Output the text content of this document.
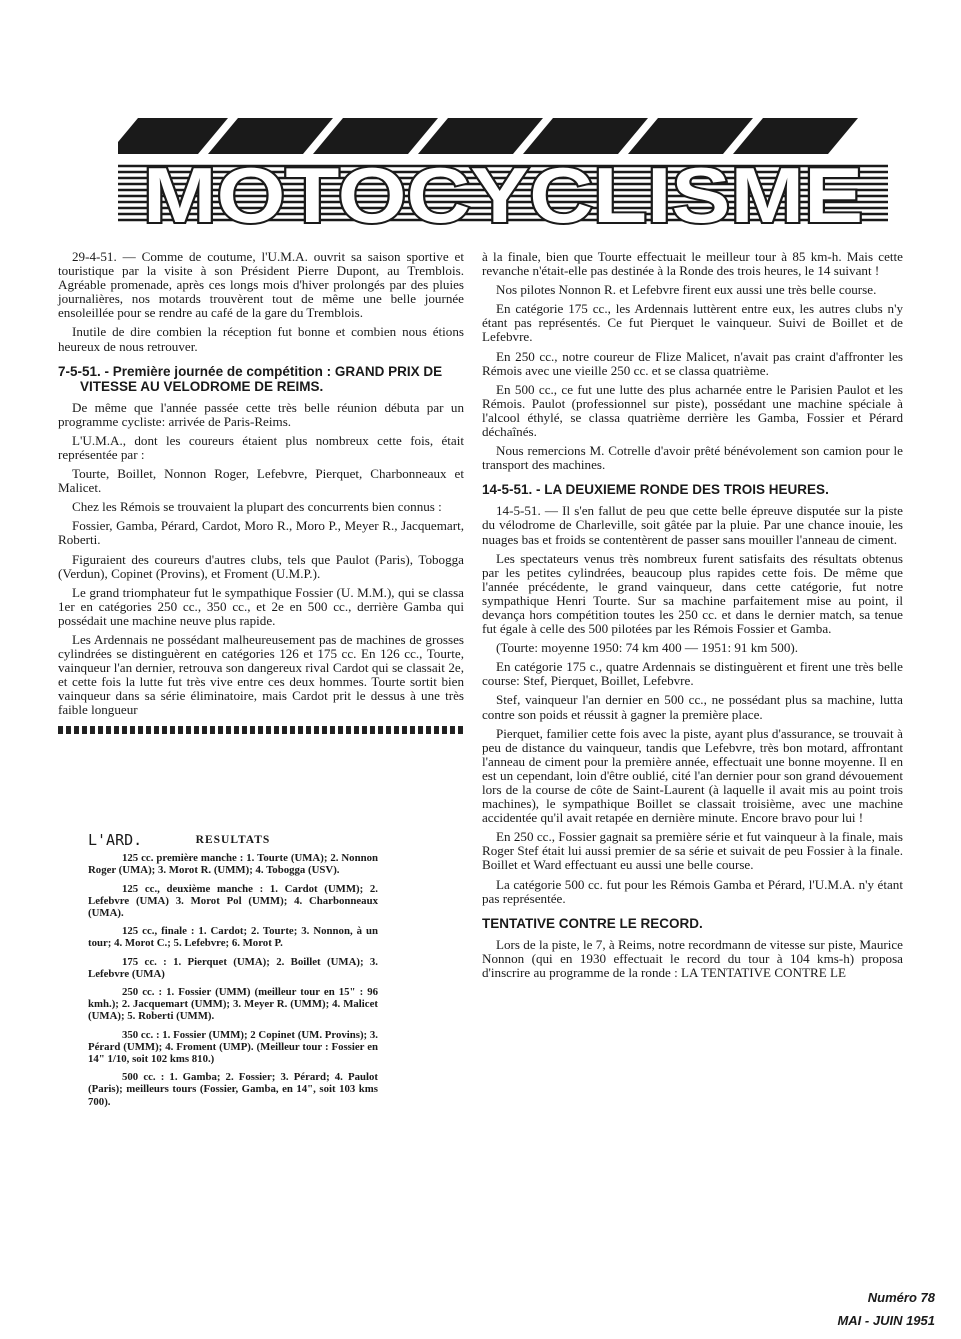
MOTOCYCLISME

29-4-51. — Comme de coutume, l'U.M.A. ouvrit sa saison sportive et touristique par la visite à son Président Pierre Dupont, au Tremblois. Agréable promenade, après ces longs mois d'hiver prolongés par des pluies journalières, nos motards trouvèrent tout de même une belle journée ensoleillée pour se rendre au café de la gare du Tremblois.

Inutile de dire combien la réception fut bonne et combien nous étions heureux de nous retrouver.

7-5-51. - Première journée de compétition : GRAND PRIX DE VITESSE AU VELODROME DE REIMS.

De même que l'année passée cette très belle réunion débuta par un programme cycliste: arrivée de Paris-Reims.

L'U.M.A., dont les coureurs étaient plus nombreux cette fois, était représentée par :

Tourte, Boillet, Nonnon Roger, Lefebvre, Pierquet, Charbonneaux et Malicet.

Chez les Rémois se trouvaient la plupart des concurrents bien connus :

Fossier, Gamba, Pérard, Cardot, Moro R., Moro P., Meyer R., Jacquemart, Roberti.

Figuraient des coureurs d'autres clubs, tels que Paulot (Paris), Tobogga (Verdun), Copinet (Provins), et Froment (U.M.P.).

Le grand triomphateur fut le sympathique Fossier (U. M.M.), qui se classa 1er en catégories 250 cc., 350 cc., et 2e en 500 cc., derrière Gamba qui possédait une machine neuve plus rapide.

Les Ardennais ne possédant malheureusement pas de machines de grosses cylindrées se distinguèrent en catégories 126 et 175 cc. En 126 cc., Tourte, vainqueur l'an dernier, retrouva son dangereux rival Cardot qui se classait 2e, et cette fois la lutte fut très vive entre ces deux hommes. Tourte sortit bien vainqueur dans sa série éliminatoire, mais Cardot prit le dessus à une très faible longueur

L'ARD.	RESULTATS

125 cc. première manche : 1. Tourte (UMA); 2. Nonnon Roger (UMA); 3. Morot R. (UMM); 4. Tobogga (USV).

125 cc., deuxième manche : 1. Cardot (UMM); 2. Lefebvre (UMA) 3. Morot Pol (UMM); 4. Charbonneaux (UMA).

125 cc., finale : 1. Cardot; 2. Tourte; 3. Nonnon, à un tour; 4. Morot C.; 5. Lefebvre; 6. Morot P.

175 cc. : 1. Pierquet (UMA); 2. Boillet (UMA); 3. Lefebvre (UMA)

250 cc. : 1. Fossier (UMM) (meilleur tour en 15" : 96 kmh.); 2. Jacquemart (UMM); 3. Meyer R. (UMM); 4. Malicet (UMA); 5. Roberti (UMM).

350 cc. : 1. Fossier (UMM); 2 Copinet (UM. Provins); 3. Pérard (UMM); 4. Froment (UMP). (Meilleur tour : Fossier en 14" 1/10, soit 102 kms 810.)

500 cc. : 1. Gamba; 2. Fossier; 3. Pérard; 4. Paulot (Paris); meilleurs tours (Fossier, Gamba, en 14", soit 103 kms 700).

à la finale, bien que Tourte effectuait le meilleur tour à 85 km-h. Mais cette revanche n'était-elle pas destinée à la Ronde des trois heures, le 14 suivant !

Nos pilotes Nonnon R. et Lefebvre firent eux aussi une très belle course.

En catégorie 175 cc., les Ardennais luttèrent entre eux, les autres clubs n'y étant pas représentés. Ce fut Pierquet le vainqueur. Suivi de Boillet et de Lefebvre.

En 250 cc., notre coureur de Flize Malicet, n'avait pas craint d'affronter les Rémois avec une vieille 250 cc. et se classa quatrième.

En 500 cc., ce fut une lutte des plus acharnée entre le Parisien Paulot et les Rémois. Paulot (professionnel sur piste), possédant une machine spéciale à l'alcool éthylé, se classa quatrième derrière les Gamba, Fossier et Pérard déchaînés.

Nous remercions M. Cotrelle d'avoir prêté bénévolement son camion pour le transport des machines.

14-5-51. - LA DEUXIEME RONDE DES TROIS HEURES.

14-5-51. — Il s'en fallut de peu que cette belle épreuve disputée sur la piste du vélodrome de Charleville, soit gâtée par la pluie. Par une chance inouie, les nuages bas et froids se contentèrent de passer sans mouiller l'anneau de ciment.

Les spectateurs venus très nombreux furent satisfaits des résultats obtenus par les petites cylindrées, beaucoup plus rapides cette fois. De même que l'année précédente, le grand vainqueur, dans cette catégorie, fut notre sympathique Henri Tourte. Sur sa machine parfaitement mise au point, il devança hors compétition toutes les 250 cc. et dans le dernier match, sa tenue fut égale à celle des 500 pilotées par les Rémois Fossier et Gamba.

(Tourte: moyenne 1950: 74 km 400 — 1951: 91 km 500).

En catégorie 175 c., quatre Ardennais se distinguèrent et firent une très belle course: Stef, Pierquet, Boillet, Lefebvre.

Stef, vainqueur l'an dernier en 500 cc., ne possédant plus sa machine, lutta contre son poids et réussit à gagner la première place.

Pierquet, familier cette fois avec la piste, ayant plus d'assurance, se trouvait à peu de distance du vainqueur, tandis que Lefebvre, très bon motard, affrontant l'anneau de ciment pour la première année, effectuait une bonne moyenne. Il en est un cependant, loin d'être oublié, cité l'an dernier pour son grand dévouement lors de la course de côte de Saint-Laurent (à laquelle il avait mis au point trois machines), le sympathique Boillet se classait troisième, avec une machine accidentée qu'il avait retapée en dernière minute. Encore bravo pour lui !

En 250 cc., Fossier gagnait sa première série et fut vainqueur à la finale, mais Roger Stef était lui aussi premier de sa série et suivait de peu Fossier à la finale. Boillet et Ward effectuant eu aussi une belle course.

La catégorie 500 cc. fut pour les Rémois Gamba et Pérard, l'U.M.A. n'y étant pas représentée.

TENTATIVE CONTRE LE RECORD.

Lors de la piste, le 7, à Reims, notre recordmann de vitesse sur piste, Maurice Nonnon (qui en 1930 effectuait le record du tour à 104 kms-h) proposa d'inscrire au programme de la ronde : LA TENTATIVE CONTRE LE

Numéro 78
MAI - JUIN 1951
